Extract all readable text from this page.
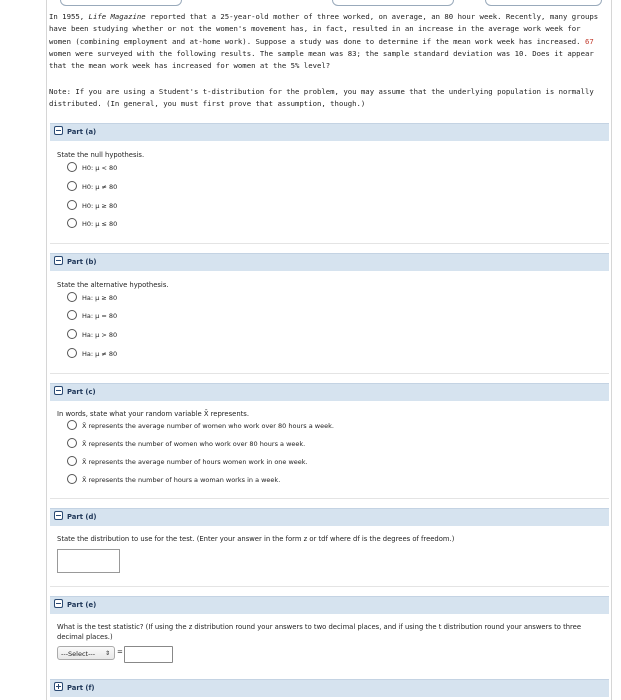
In 1955, Life Magazine reported that a 25-year-old mother of three worked, on average, an 80 hour week. Recently, many groups have been studying whether or not the women's movement has, in fact, resulted in an increase in the average work week for women (combining employment and at-home work). Suppose a study was done to determine if the mean work week has increased. 67 women were surveyed with the following results. The sample mean was 83; the sample standard deviation was 10. Does it appear that the mean work week has increased for women at the 5% level?

Note: If you are using a Student's t-distribution for the problem, you may assume that the underlying population is normally distributed. (In general, you must first prove that assumption, though.)
Part (a)
State the null hypothesis.
H0: μ < 80
H0: μ ≠ 80
H0: μ ≥ 80
H0: μ ≤ 80
Part (b)
State the alternative hypothesis.
Ha: μ ≥ 80
Ha: μ = 80
Ha: μ > 80
Ha: μ ≠ 80
Part (c)
In words, state what your random variable X̄ represents.
X̄ represents the average number of women who work over 80 hours a week.
X̄ represents the number of women who work over 80 hours a week.
X̄ represents the average number of hours women work in one week.
X̄ represents the number of hours a woman works in a week.
Part (d)
State the distribution to use for the test. (Enter your answer in the form z or tdf where df is the degrees of freedom.)
Part (e)
What is the test statistic? (If using the z distribution round your answers to two decimal places, and if using the t distribution round your answers to three decimal places.)
---Select--- ⇕ =
Part (f)
